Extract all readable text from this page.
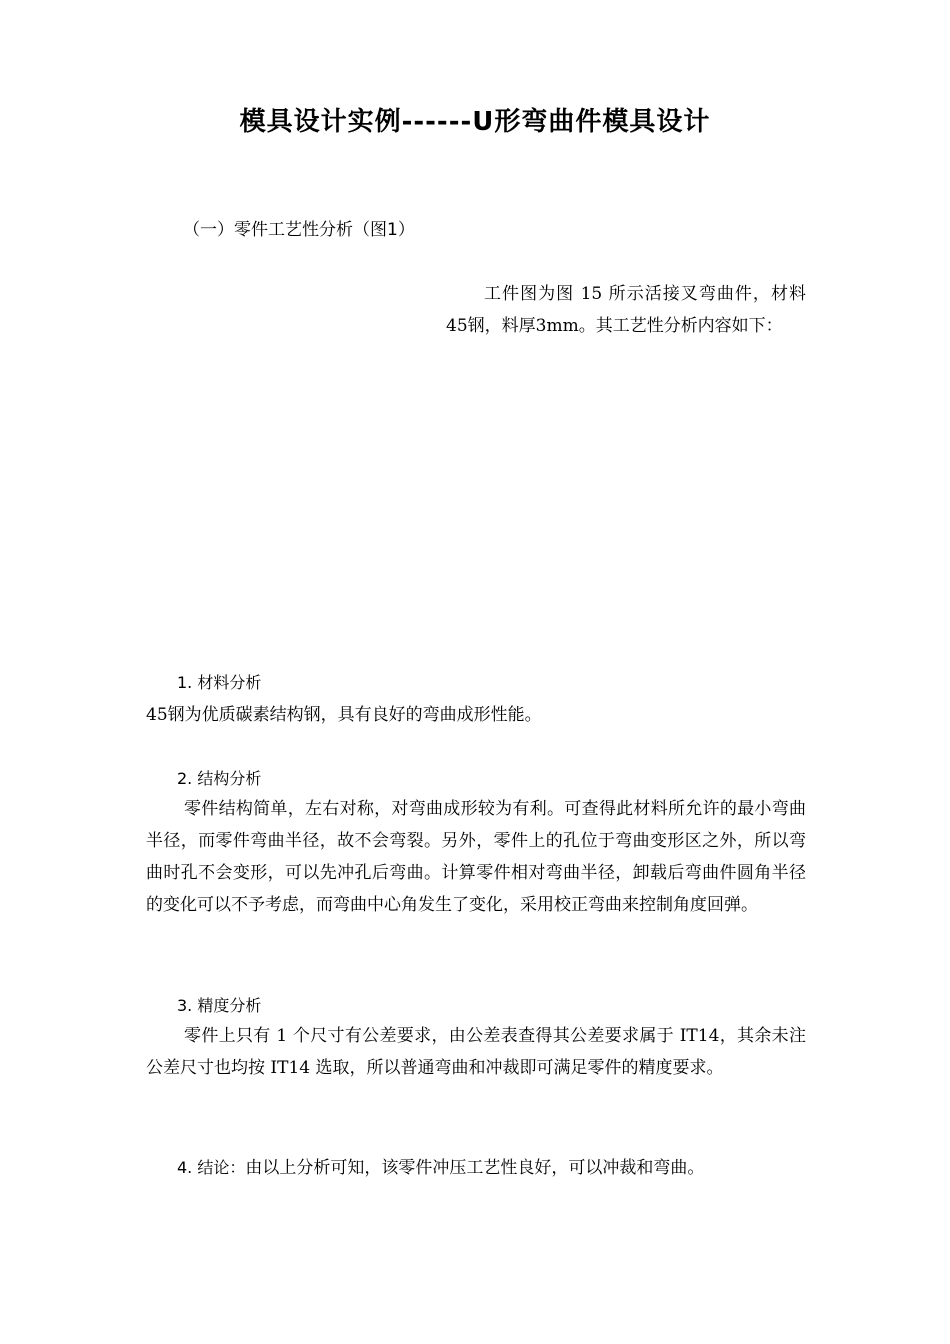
模具设计实例------U形弯曲件模具设计

（一）零件工艺性分析（图1）

工件图为图 15 所示活接叉弯曲件，材料45钢，料厚3mm。其工艺性分析内容如下：

1. 材料分析

45钢为优质碳素结构钢，具有良好的弯曲成形性能。

2. 结构分析

零件结构简单，左右对称，对弯曲成形较为有利。可查得此材料所允许的最小弯曲半径，而零件弯曲半径，故不会弯裂。另外，零件上的孔位于弯曲变形区之外，所以弯曲时孔不会变形，可以先冲孔后弯曲。计算零件相对弯曲半径，卸载后弯曲件圆角半径的变化可以不予考虑，而弯曲中心角发生了变化，采用校正弯曲来控制角度回弹。

3. 精度分析

零件上只有 1 个尺寸有公差要求，由公差表查得其公差要求属于 IT14，其余未注公差尺寸也均按 IT14 选取，所以普通弯曲和冲裁即可满足零件的精度要求。

4. 结论：由以上分析可知，该零件冲压工艺性良好，可以冲裁和弯曲。
